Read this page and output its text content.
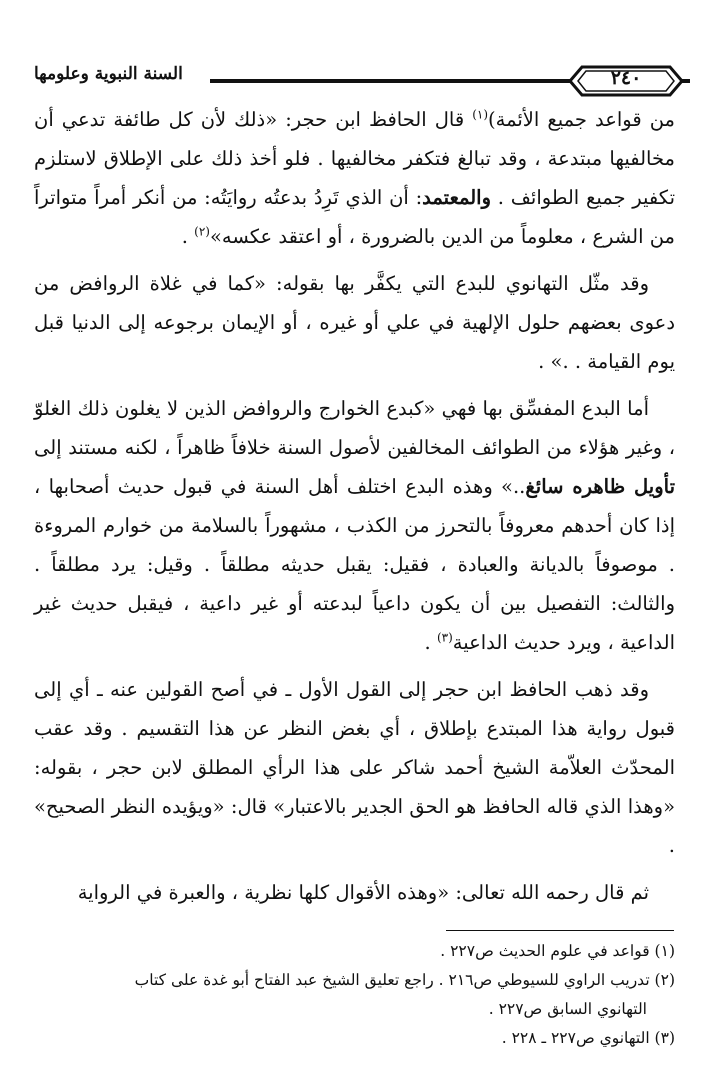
السنة النبوية وعلومها	٢٤٠

من قواعد جميع الأئمة)$^{(١)}$ قال الحافظ ابن حجر: «ذلك لأن كل طائفة تدعي أن مخالفيها مبتدعة ، وقد تبالغ فتكفر مخالفيها . فلو أخذ ذلك على الإطلاق لاستلزم تكفير جميع الطوائف . والمعتمد: أن الذي تَرِدُ بدعتُه روايَتُه: من أنكر أمراً متواتراً من الشرع ، معلوماً من الدين بالضرورة ، أو اعتقد عكسه»$^{(٢)}$ .

وقد مثّل التهانوي للبدع التي يكفَّر بها بقوله: «كما في غلاة الروافض من دعوى بعضهم حلول الإلهية في علي أو غيره ، أو الإيمان برجوعه إلى الدنيا قبل يوم القيامة . .» .

أما البدع المفسِّق بها فهي «كبدع الخوارج والروافض الذين لا يغلون ذلك الغلوّ ، وغير هؤلاء من الطوائف المخالفين لأصول السنة خلافاً ظاهراً ، لكنه مستند إلى تأويل ظاهره سائغ..» وهذه البدع اختلف أهل السنة في قبول حديث أصحابها ، إذا كان أحدهم معروفاً بالتحرز من الكذب ، مشهوراً بالسلامة من خوارم المروءة . موصوفاً بالديانة والعبادة ، فقيل: يقبل حديثه مطلقاً . وقيل: يرد مطلقاً . والثالث: التفصيل بين أن يكون داعياً لبدعته أو غير داعية ، فيقبل حديث غير الداعية ، ويرد حديث الداعية$^{(٣)}$ .

وقد ذهب الحافظ ابن حجر إلى القول الأول ـ في أصح القولين عنه ـ أي إلى قبول رواية هذا المبتدع بإطلاق ، أي بغض النظر عن هذا التقسيم . وقد عقب المحدّث العلاّمة الشيخ أحمد شاكر على هذا الرأي المطلق لابن حجر ، بقوله: «وهذا الذي قاله الحافظ هو الحق الجدير بالاعتبار» قال: «ويؤيده النظر الصحيح» .

ثم قال رحمه الله تعالى: «وهذه الأقوال كلها نظرية ، والعبرة في الرواية

(١) قواعد في علوم الحديث ص٢٢٧ .
(٢) تدريب الراوي للسيوطي ص٢١٦ . راجع تعليق الشيخ عبد الفتاح أبو غدة على كتاب
التهانوي السابق ص٢٢٧ .
(٣) التهانوي ص٢٢٧ ـ ٢٢٨ .
